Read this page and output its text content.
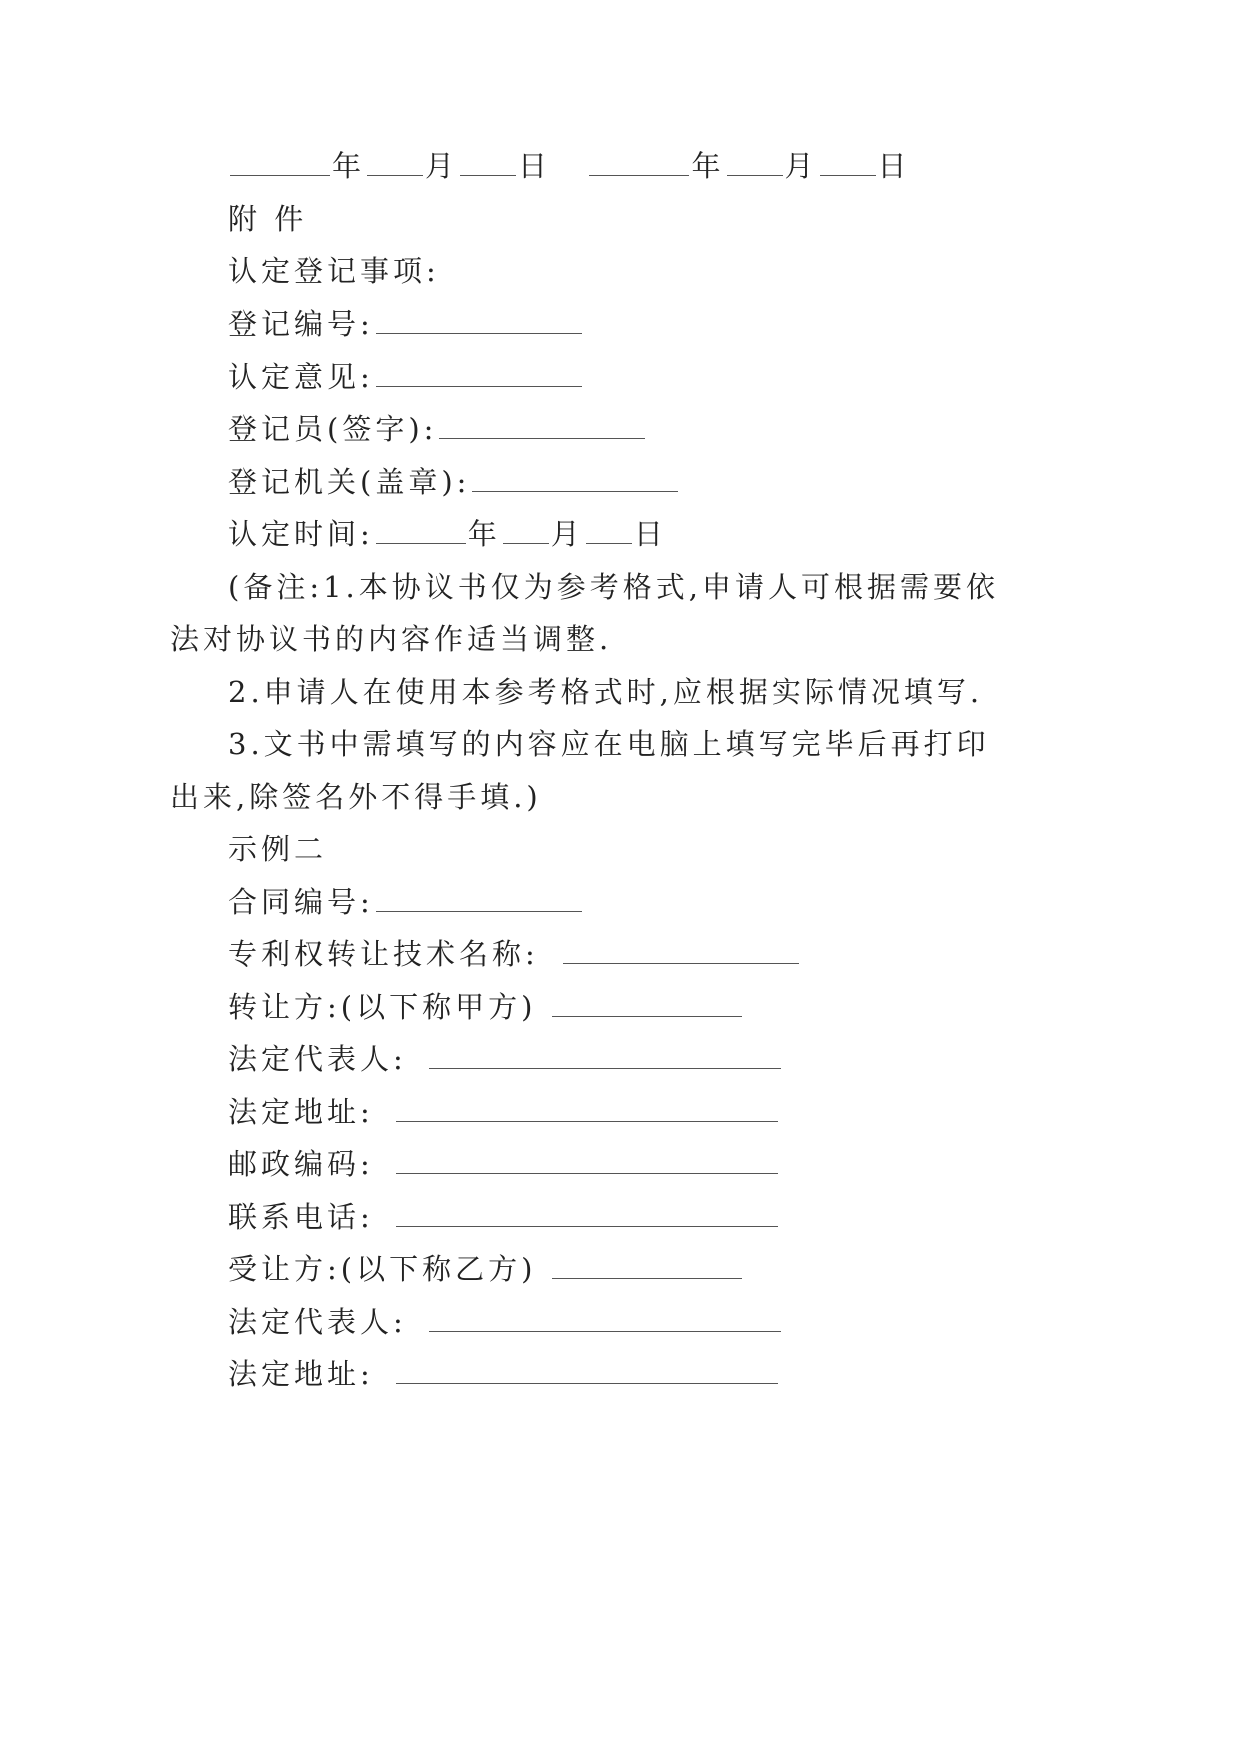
年 月 日	年 月 日
附 件
认定登记事项:
登记编号:
认定意见:
登记员(签字):
登记机关(盖章):
认定时间:	年 月 日
(备注:1.本协议书仅为参考格式,申请人可根据需要依
法对协议书的内容作适当调整.
2.申请人在使用本参考格式时,应根据实际情况填写.
3.文书中需填写的内容应在电脑上填写完毕后再打印
出来,除签名外不得手填.)
示例二
合同编号:
专利权转让技术名称:
转让方:(以下称甲方)
法定代表人:
法定地址:
邮政编码:
联系电话:
受让方:(以下称乙方)
法定代表人:
法定地址:
